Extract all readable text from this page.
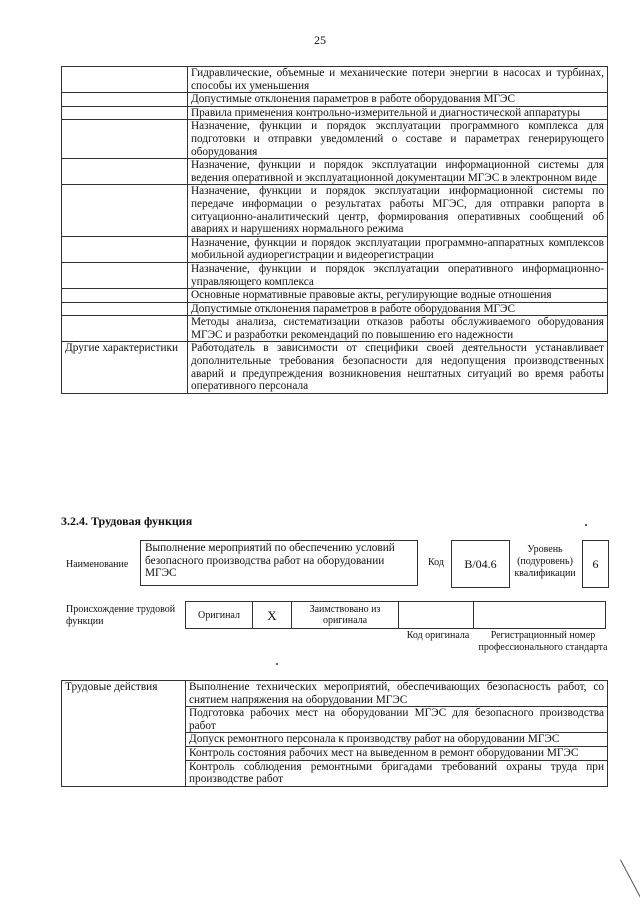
25
	Гидравлические, объемные и механические потери энергии в насосах и турбинах, способы их уменьшения
	Допустимые отклонения параметров в работе оборудования МГЭС
	Правила применения контрольно-измерительной и диагностической аппаратуры
	Назначение, функции и порядок эксплуатации программного комплекса для подготовки и отправки уведомлений о составе и параметрах генерирующего оборудования
	Назначение, функции и порядок эксплуатации информационной системы для ведения оперативной и эксплуатационной документации МГЭС в электронном виде
	Назначение, функции и порядок эксплуатации информационной системы по передаче информации о результатах работы МГЭС, для отправки рапорта в ситуационно-аналитический центр, формирования оперативных сообщений об авариях и нарушениях нормального режима
	Назначение, функции и порядок эксплуатации программно-аппаратных комплексов мобильной аудиорегистрации и видеорегистрации
	Назначение, функции и порядок эксплуатации оперативного информационно-управляющего комплекса
	Основные нормативные правовые акты, регулирующие водные отношения
	Допустимые отклонения параметров в работе оборудования МГЭС
	Методы анализа, систематизации отказов работы обслуживаемого оборудования МГЭС и разработки рекомендаций по повышению его надежности
Другие характеристики	Работодатель в зависимости от специфики своей деятельности устанавливает дополнительные требования безопасности для недопущения производственных аварий и предупреждения возникновения нештатных ситуаций во время работы оперативного персонала
3.2.4. Трудовая функция
Наименование
Выполнение мероприятий по обеспечению условий безопасного производства работ на оборудовании МГЭС
Код	B/04.6
Уровень (подуровень) квалификации
6
Происхождение трудовой функции
Оригинал	X	Заимствовано из оригинала
Код оригинала	Регистрационный номер профессионального стандарта
Трудовые действия	Выполнение технических мероприятий, обеспечивающих безопасность работ, со снятием напряжения на оборудовании МГЭС
Подготовка рабочих мест на оборудовании МГЭС для безопасного производства работ
Допуск ремонтного персонала к производству работ на оборудовании МГЭС
Контроль состояния рабочих мест на выведенном в ремонт оборудовании МГЭС
Контроль соблюдения ремонтными бригадами требований охраны труда при производстве работ
